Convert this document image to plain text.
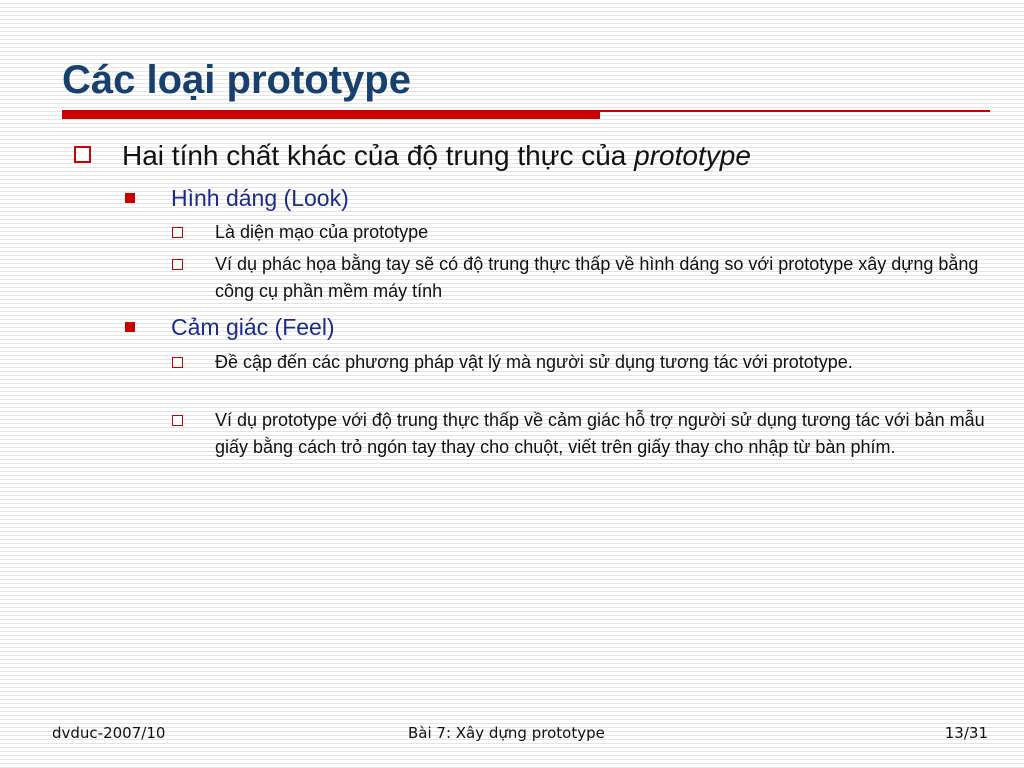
Các loại prototype
Hai tính chất khác của độ trung thực của prototype
Hình dáng (Look)
Là diện mạo của prototype
Ví dụ phác họa bằng tay sẽ có độ trung thực thấp về hình dáng so với prototype xây dựng bằng công cụ phần mềm máy tính
Cảm giác (Feel)
Đề cập đến các phương pháp vật lý mà người sử dụng tương tác với prototype.
Ví dụ prototype với độ trung thực thấp về cảm giác hỗ trợ người sử dụng tương tác với bản mẫu giấy bằng cách trỏ ngón tay thay cho chuột, viết trên giấy thay cho nhập từ bàn phím.
dvduc-2007/10	Bài 7: Xây dựng prototype	13/31
